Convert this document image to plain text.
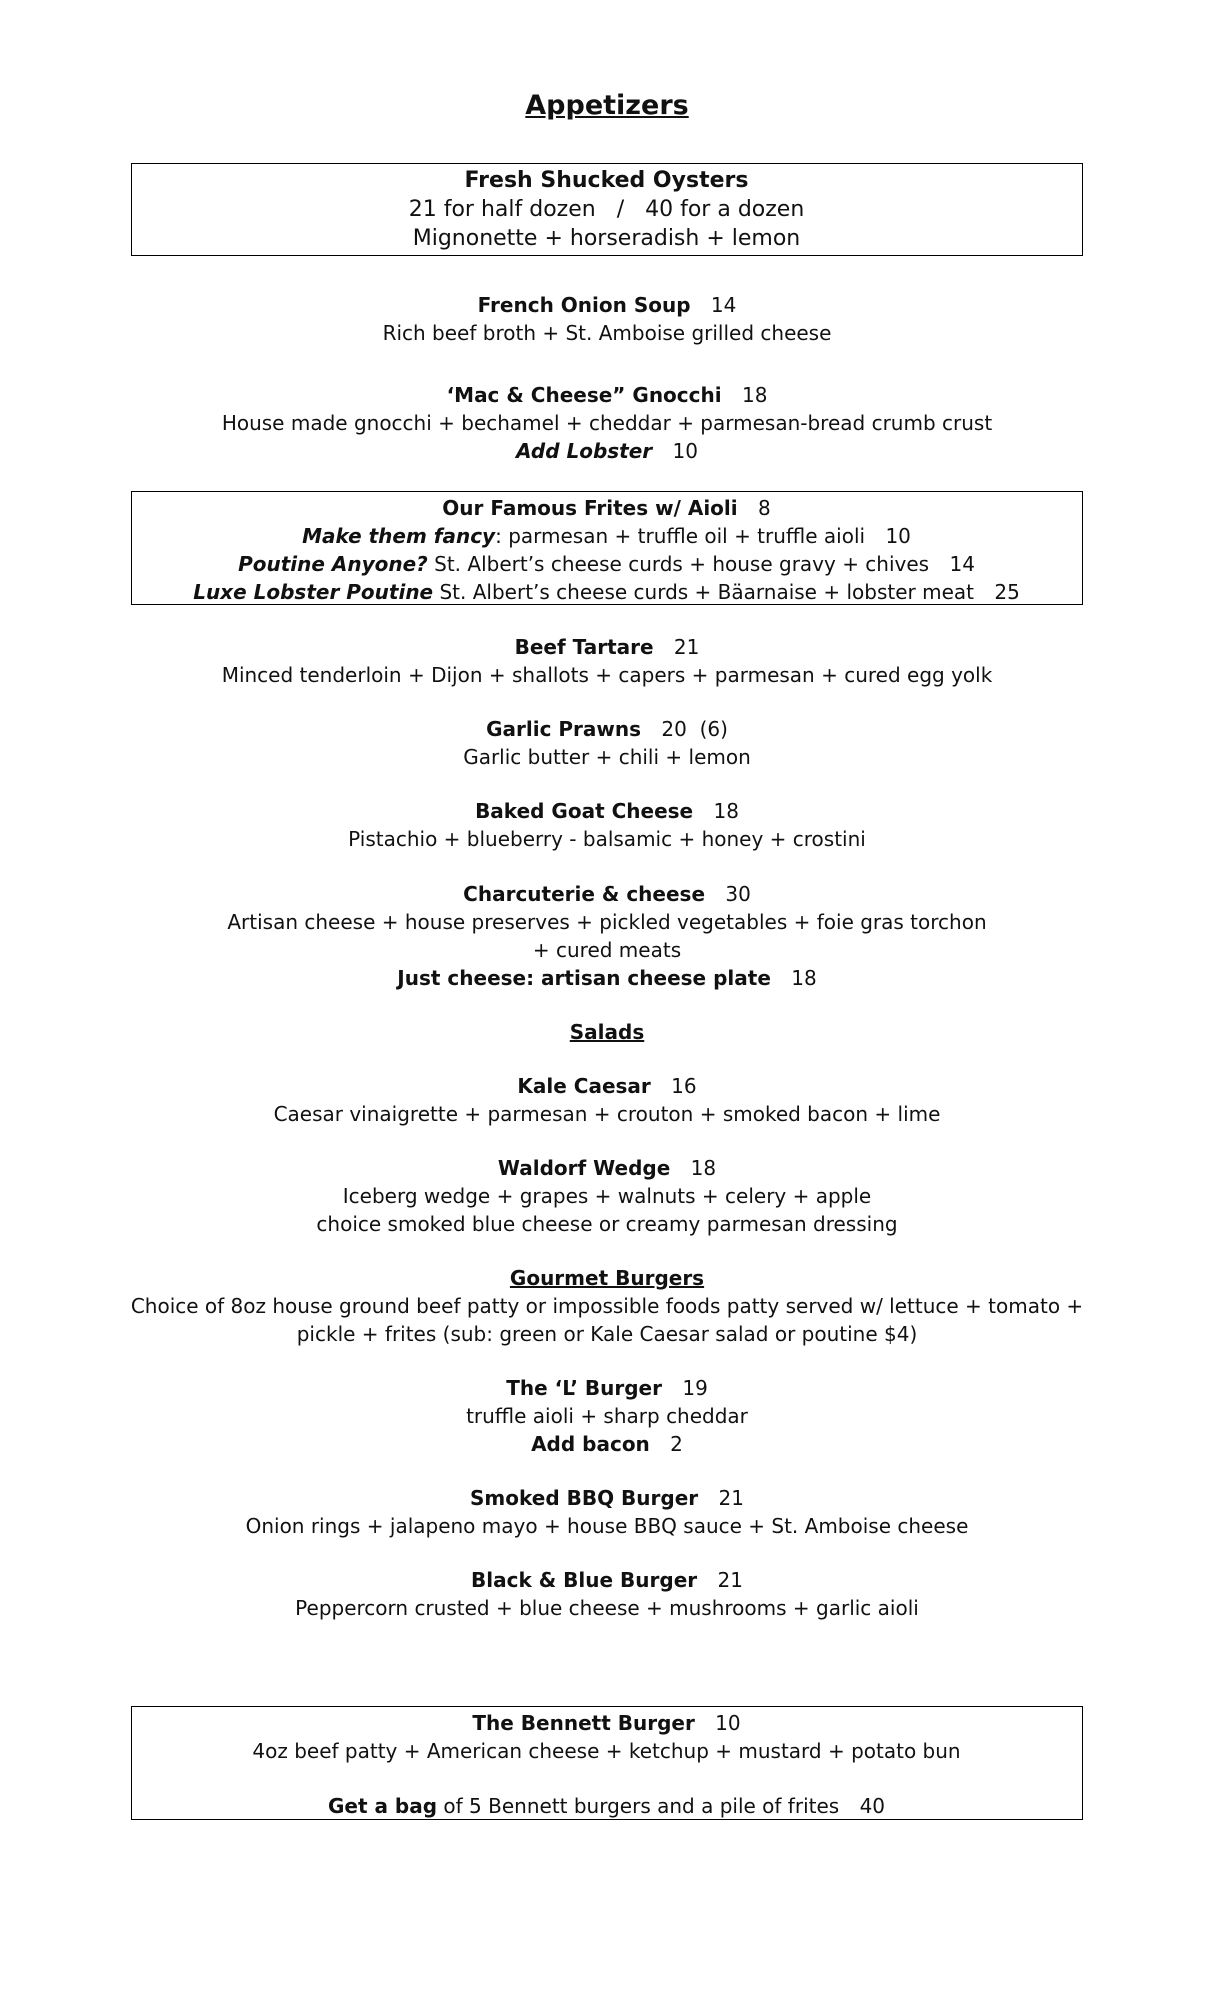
Appetizers
Fresh Shucked Oysters
21 for half dozen / 40 for a dozen
Mignonette + horseradish + lemon
French Onion Soup 14
Rich beef broth + St. Amboise grilled cheese
‘Mac & Cheese” Gnocchi 18
House made gnocchi + bechamel + cheddar + parmesan-bread crumb crust
Add Lobster 10
Our Famous Frites w/ Aioli 8
Make them fancy: parmesan + truffle oil + truffle aioli 10
Poutine Anyone? St. Albert’s cheese curds + house gravy + chives 14
Luxe Lobster Poutine St. Albert’s cheese curds + Bäarnaise + lobster meat 25
Beef Tartare 21
Minced tenderloin + Dijon + shallots + capers + parmesan + cured egg yolk
Garlic Prawns 20  (6)
Garlic butter + chili + lemon
Baked Goat Cheese 18
Pistachio + blueberry - balsamic + honey + crostini
Charcuterie & cheese 30
Artisan cheese + house preserves + pickled vegetables + foie gras torchon
+ cured meats
Just cheese: artisan cheese plate 18
Salads
Kale Caesar 16
Caesar vinaigrette + parmesan + crouton + smoked bacon + lime
Waldorf Wedge 18
Iceberg wedge + grapes + walnuts + celery + apple
choice smoked blue cheese or creamy parmesan dressing
Gourmet Burgers
Choice of 8oz house ground beef patty or impossible foods patty served w/ lettuce + tomato +
pickle + frites (sub: green or Kale Caesar salad or poutine $4)
The ‘L’ Burger 19
truffle aioli + sharp cheddar
Add bacon 2
Smoked BBQ Burger 21
Onion rings + jalapeno mayo + house BBQ sauce + St. Amboise cheese
Black & Blue Burger 21
Peppercorn crusted + blue cheese + mushrooms + garlic aioli
The Bennett Burger 10
4oz beef patty + American cheese + ketchup + mustard + potato bun
Get a bag of 5 Bennett burgers and a pile of frites 40
